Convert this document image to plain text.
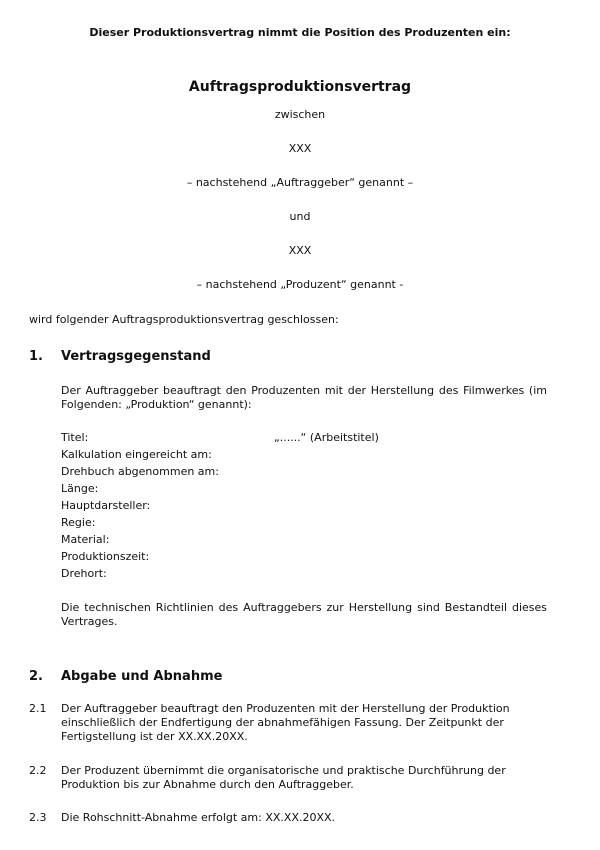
Dieser Produktionsvertrag nimmt die Position des Produzenten ein:
Auftragsproduktionsvertrag
zwischen
XXX
– nachstehend „Auftraggeber“ genannt –
und
XXX
– nachstehend „Produzent“ genannt -
wird folgender Auftragsproduktionsvertrag geschlossen:
1. Vertragsgegenstand
Der Auftraggeber beauftragt den Produzenten mit der Herstellung des Filmwerkes (im Folgenden: „Produktion“ genannt):
Titel:	„......“ (Arbeitstitel)
Kalkulation eingereicht am:
Drehbuch abgenommen am:
Länge:
Hauptdarsteller:
Regie:
Material:
Produktionszeit:
Drehort:
Die technischen Richtlinien des Auftraggebers zur Herstellung sind Bestandteil dieses Vertrages.
2. Abgabe und Abnahme
2.1 Der Auftraggeber beauftragt den Produzenten mit der Herstellung der Produktion einschließlich der Endfertigung der abnahmefähigen Fassung. Der Zeitpunkt der Fertigstellung ist der XX.XX.20XX.
2.2 Der Produzent übernimmt die organisatorische und praktische Durchführung der Produktion bis zur Abnahme durch den Auftraggeber.
2.3 Die Rohschnitt-Abnahme erfolgt am: XX.XX.20XX.
